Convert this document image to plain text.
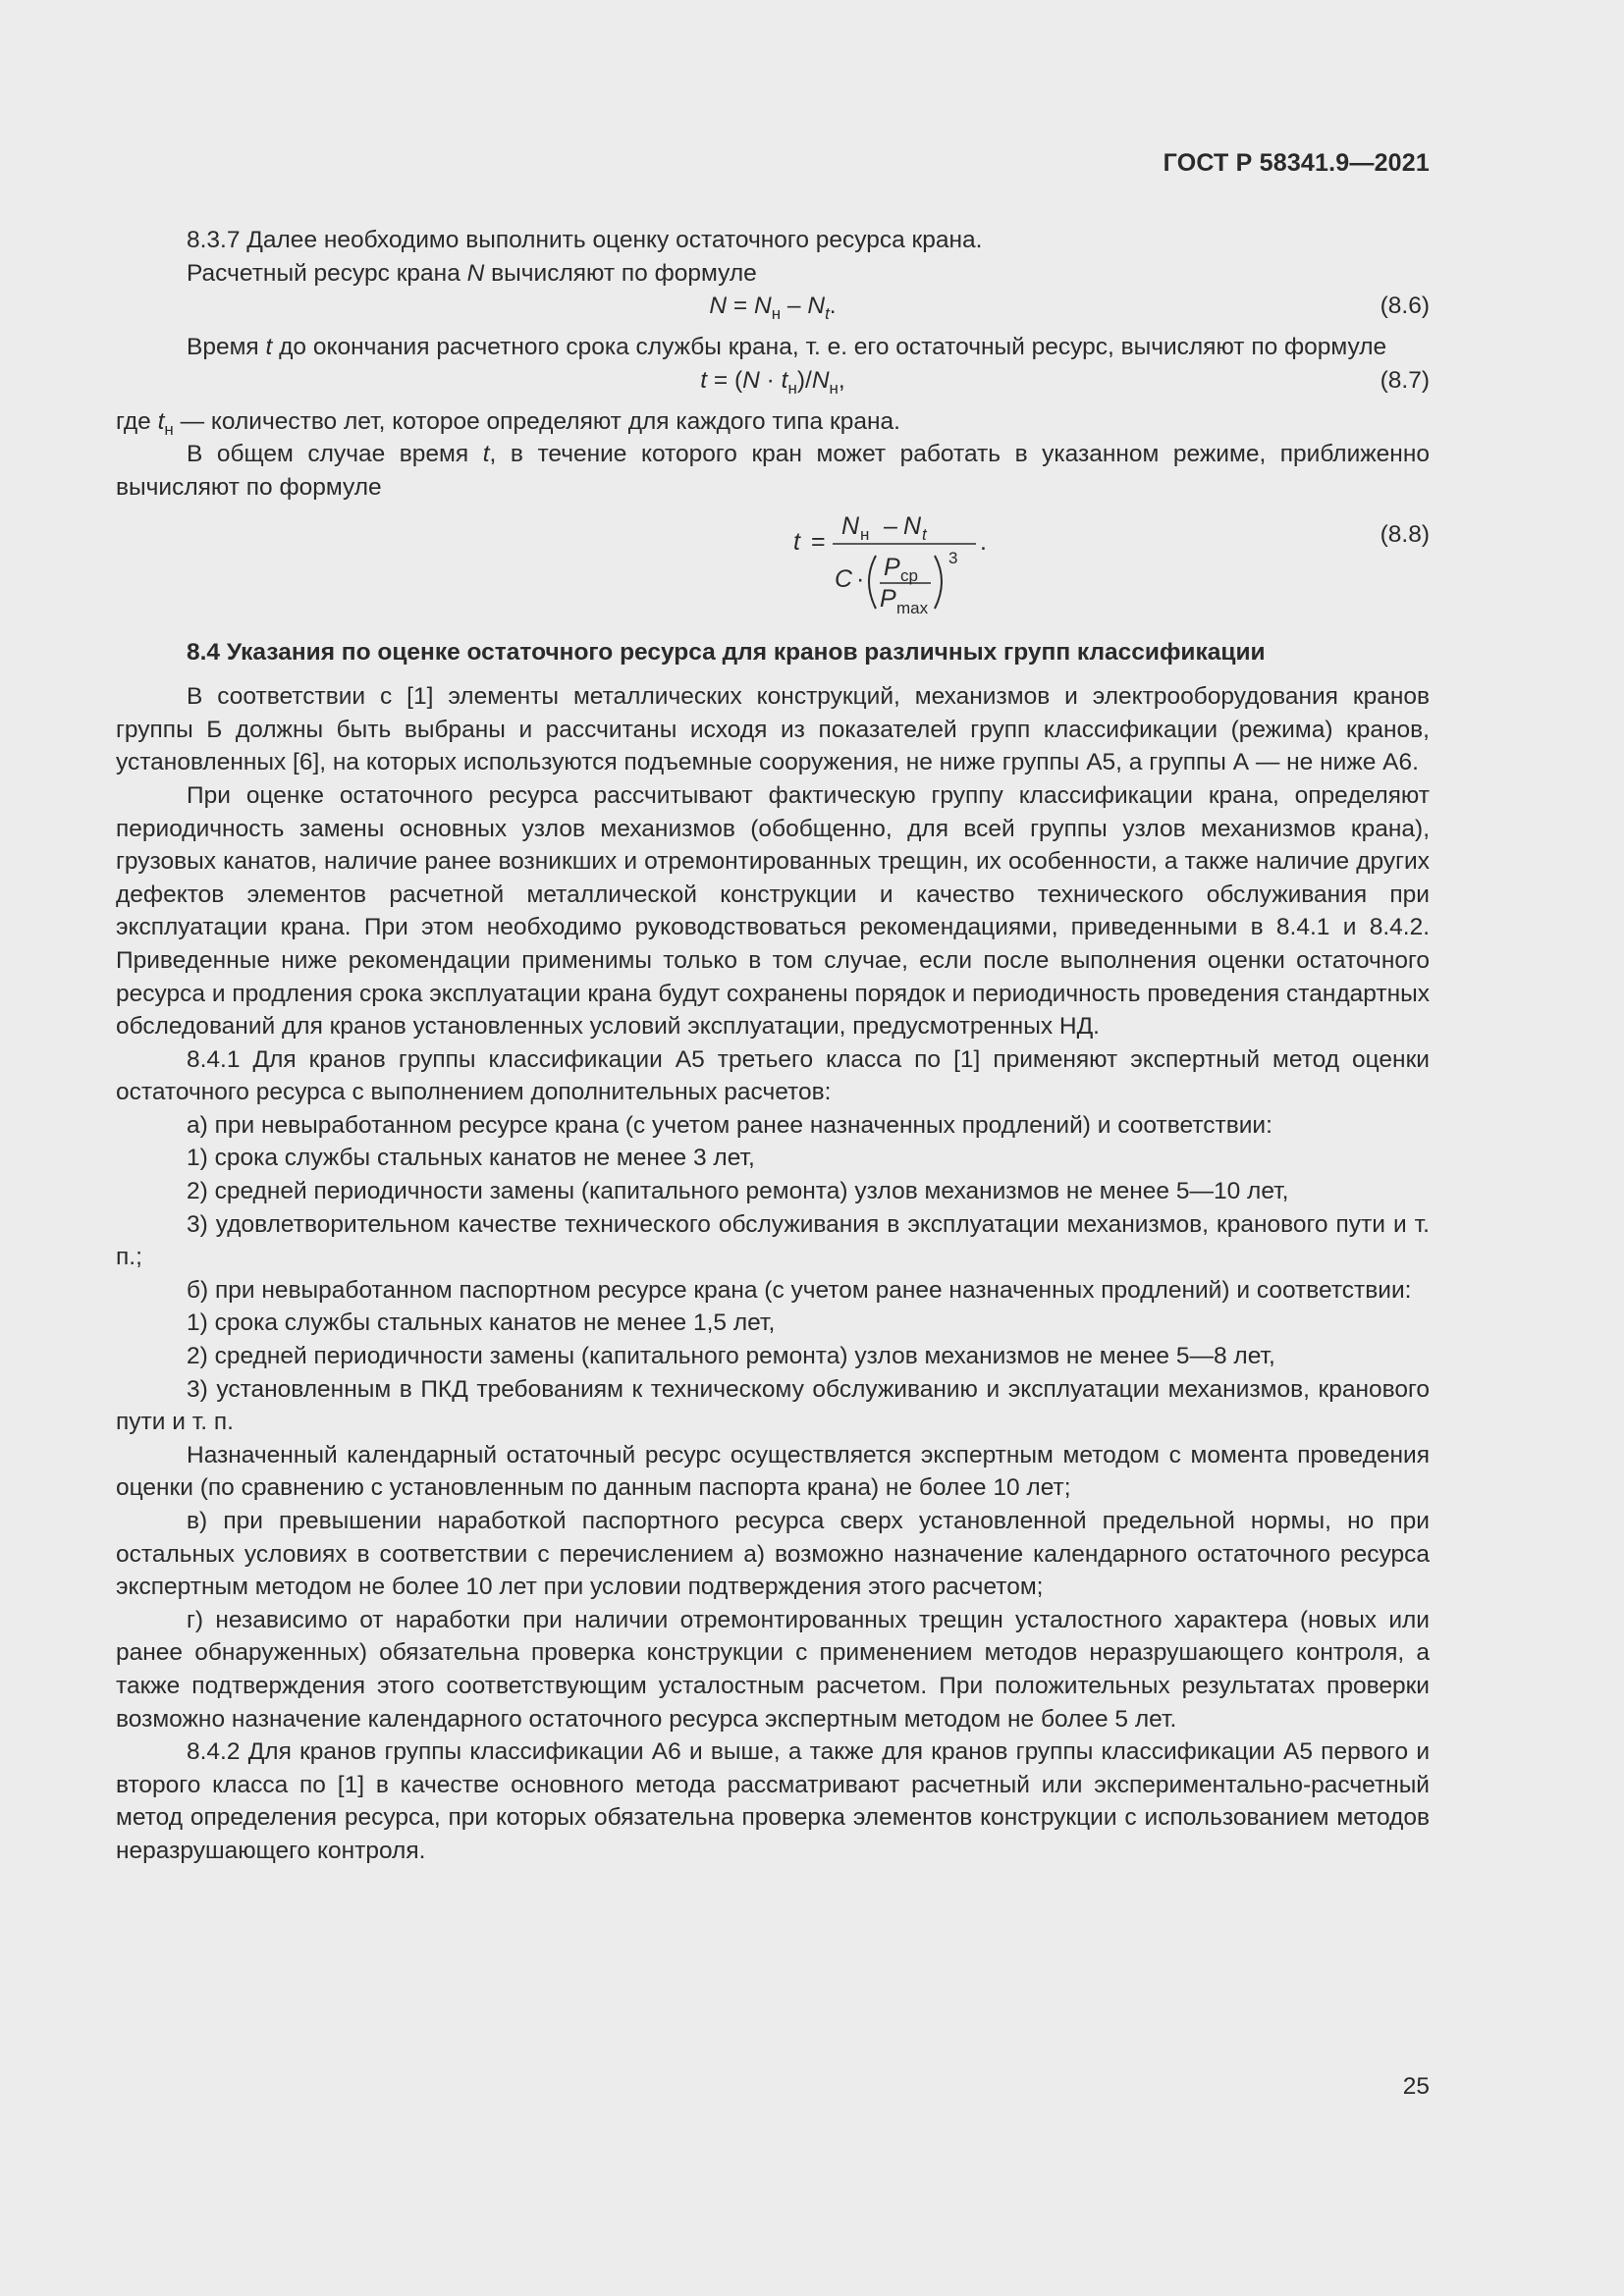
ГОСТ Р 58341.9—2021

8.3.7 Далее необходимо выполнить оценку остаточного ресурса крана.

Расчетный ресурс крана N вычисляют по формуле

$N = N_н - N_t$.	(8.6)

Время t до окончания расчетного срока службы крана, т. е. его остаточный ресурс, вычисляют по формуле

$t = (N \cdot t_н)/N_н$,	(8.7)

где $t_н$ — количество лет, которое определяют для каждого типа крана.

В общем случае время t, в течение которого кран может работать в указанном режиме, приближенно вычисляют по формуле

t =
N н – N t .
C · P ср
P max
3
(8.8)

8.4 Указания по оценке остаточного ресурса для кранов различных групп классификации

В соответствии с [1] элементы металлических конструкций, механизмов и электрооборудования кранов группы Б должны быть выбраны и рассчитаны исходя из показателей групп классификации (режима) кранов, установленных [6], на которых используются подъемные сооружения, не ниже группы А5, а группы А — не ниже А6.

При оценке остаточного ресурса рассчитывают фактическую группу классификации крана, определяют периодичность замены основных узлов механизмов (обобщенно, для всей группы узлов механизмов крана), грузовых канатов, наличие ранее возникших и отремонтированных трещин, их особенности, а также наличие других дефектов элементов расчетной металлической конструкции и качество технического обслуживания при эксплуатации крана. При этом необходимо руководствоваться рекомендациями, приведенными в 8.4.1 и 8.4.2. Приведенные ниже рекомендации применимы только в том случае, если после выполнения оценки остаточного ресурса и продления срока эксплуатации крана будут сохранены порядок и периодичность проведения стандартных обследований для кранов установленных условий эксплуатации, предусмотренных НД.

8.4.1 Для кранов группы классификации А5 третьего класса по [1] применяют экспертный метод оценки остаточного ресурса с выполнением дополнительных расчетов:

а) при невыработанном ресурсе крана (с учетом ранее назначенных продлений) и соответствии:

1) срока службы стальных канатов не менее 3 лет,

2) средней периодичности замены (капитального ремонта) узлов механизмов не менее 5—10 лет,

3) удовлетворительном качестве технического обслуживания в эксплуатации механизмов, кранового пути и т. п.;

б) при невыработанном паспортном ресурсе крана (с учетом ранее назначенных продлений) и соответствии:

1) срока службы стальных канатов не менее 1,5 лет,

2) средней периодичности замены (капитального ремонта) узлов механизмов не менее 5—8 лет,

3) установленным в ПКД требованиям к техническому обслуживанию и эксплуатации механизмов, кранового пути и т. п.

Назначенный календарный остаточный ресурс осуществляется экспертным методом с момента проведения оценки (по сравнению с установленным по данным паспорта крана) не более 10 лет;

в) при превышении наработкой паспортного ресурса сверх установленной предельной нормы, но при остальных условиях в соответствии с перечислением а) возможно назначение календарного остаточного ресурса экспертным методом не более 10 лет при условии подтверждения этого расчетом;

г) независимо от наработки при наличии отремонтированных трещин усталостного характера (новых или ранее обнаруженных) обязательна проверка конструкции с применением методов неразрушающего контроля, а также подтверждения этого соответствующим усталостным расчетом. При положительных результатах проверки возможно назначение календарного остаточного ресурса экспертным методом не более 5 лет.

8.4.2 Для кранов группы классификации А6 и выше, а также для кранов группы классификации А5 первого и второго класса по [1] в качестве основного метода рассматривают расчетный или экспериментально-расчетный метод определения ресурса, при которых обязательна проверка элементов конструкции с использованием методов неразрушающего контроля.

25
